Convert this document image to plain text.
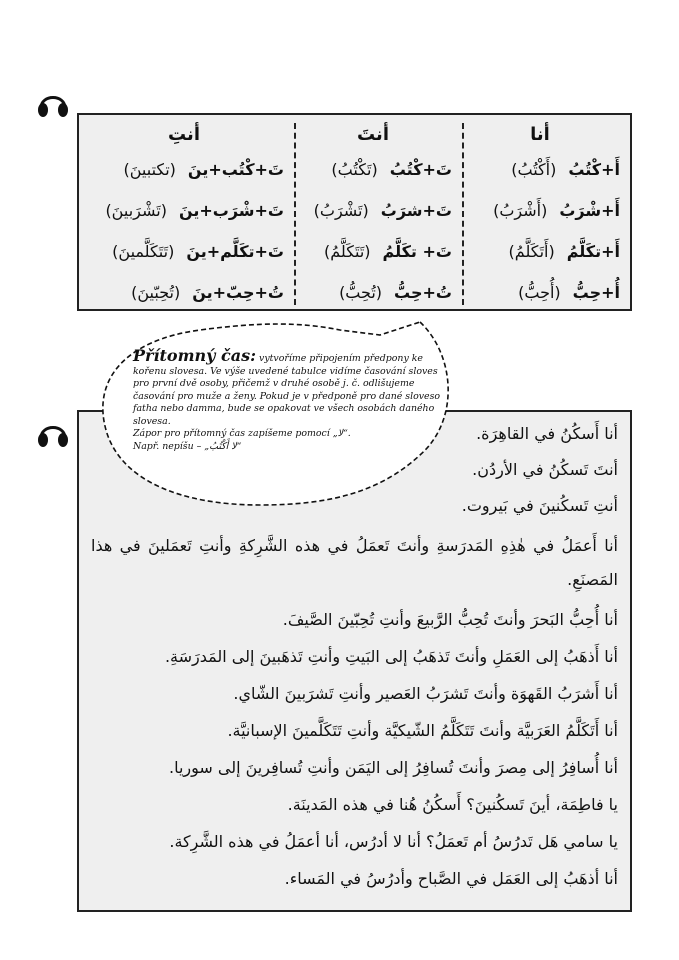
أنا
أَ+كْتُبُ(أَكْتُبُ)
أَ+شْرَبُ(أَشْرَبُ)
أَ+تكَلَّمُ(أَتَكَلَّمُ)
أُ+حِبُّ(أُحِبُّ)
أنتَ
تَ+كْتُبُ(تَكْتُبُ)
تَ+شرَبُ(تَشْرَبُ)
تَ+ تكَلَّمُ(تَتَكَلَّمُ)
تُ+حِبُّ(تُحِبُّ)
أنتِ
تَ+كْتُب+ينَ(تكتبينَ)
تَ+شْرَب+ينَ(تَشْرَبينَ)
تَ+تكَلَّم+ينَ(تَتَكَلَّمينَ)
تُ+حِبّ+ينَ(تُحِبّينَ)
أنا أَسكُنُ في القاهِرَة.
أنتَ تَسكُنُ في الأردُن.
أنتِ تَسكُنينَ في بَيروت.
أنا أَعمَلُ في هٰذِهِ المَدرَسةِ وأنتَ تَعمَلُ في هذه الشَّرِكةِ وأنتِ تَعمَلينَ في هذا المَصنَعِ.
أنا أُحِبُّ البَحرَ وأنتَ تُحِبُّ الرَّبيعَ وأنتِ تُحِبّينَ الصَّيفَ.
أنا أَذهَبُ إلى العَمَلِ وأنتَ تَذهَبُ إلى البَيتِ وأنتِ تَذهَبينَ إلى المَدرَسَةِ.
أنا أَشرَبُ القَهوَة وأنتَ تَشرَبُ العَصير وأنتِ تَشرَبينَ الشّاي.
أنا أَتَكَلَّمُ العَرَبيَّة وأنتَ تَتَكَلَّمُ الشّيكيَّة وأنتِ تَتَكَلَّمينَ الإسبانيَّة.
أنا أُسافِرُ إلى مِصرَ وأنتَ تُسافِرُ إلى اليَمَن وأنتِ تُسافِرينَ إلى سوريا.
يا فاطِمَة، أينَ تَسكُنينَ؟ أَسكُنُ هُنا في هذه المَدينَة.
يا سامي هَل تَدرُسُ أم تَعمَلُ؟ أنا لا أدرُس، أنا أعمَلُ في هذه الشَّرِكة.
أنا أذهَبُ إلى العَمَل في الصَّباح وأدرُسُ في المَساء.
Přítomný čas: vytvoříme připojením předpony ke kořenu slovesa. Ve výše uvedené tabulce vidíme časování sloves pro první dvě osoby, přičemž v druhé osobě j. č. odlišujeme časování pro muže a ženy. Pokud je v předponě pro dané sloveso fatha nebo damma, bude se opakovat ve všech osobách daného slovesa.
Zápor pro přítomný čas zapíšeme pomocí „لا“.
Např. nepíšu – „لا أَكْتُبُ“
